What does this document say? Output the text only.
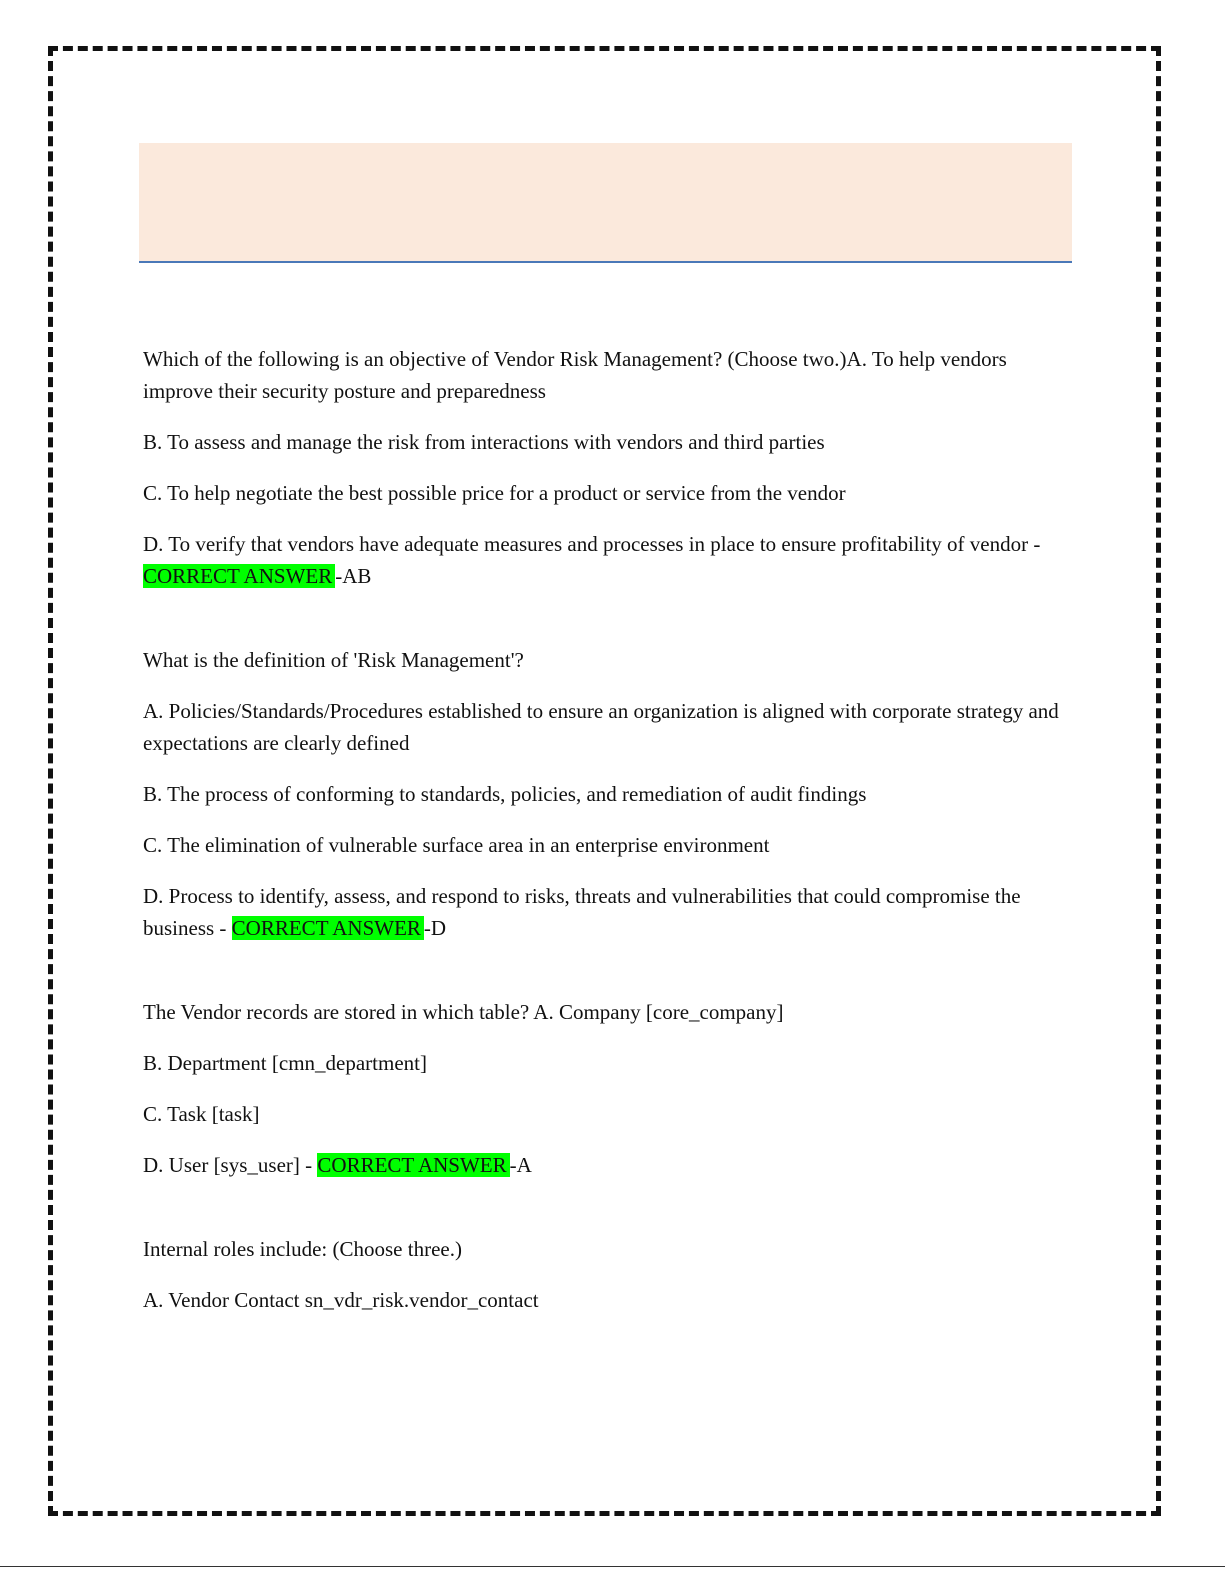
Which of the following is an objective of Vendor Risk Management? (Choose two.)A. To help vendors improve their security posture and preparedness

B. To assess and manage the risk from interactions with vendors and third parties

C. To help negotiate the best possible price for a product or service from the vendor

D. To verify that vendors have adequate measures and processes in place to ensure profitability of vendor - CORRECT ANSWER -AB

What is the definition of 'Risk Management'?

A. Policies/Standards/Procedures established to ensure an organization is aligned with corporate strategy and expectations are clearly defined

B. The process of conforming to standards, policies, and remediation of audit findings

C. The elimination of vulnerable surface area in an enterprise environment

D. Process to identify, assess, and respond to risks, threats and vulnerabilities that could compromise the business - CORRECT ANSWER -D

The Vendor records are stored in which table? A. Company [core_company]

B. Department [cmn_department]

C. Task [task]

D. User [sys_user] - CORRECT ANSWER -A

Internal roles include: (Choose three.)

A. Vendor Contact sn_vdr_risk.vendor_contact
